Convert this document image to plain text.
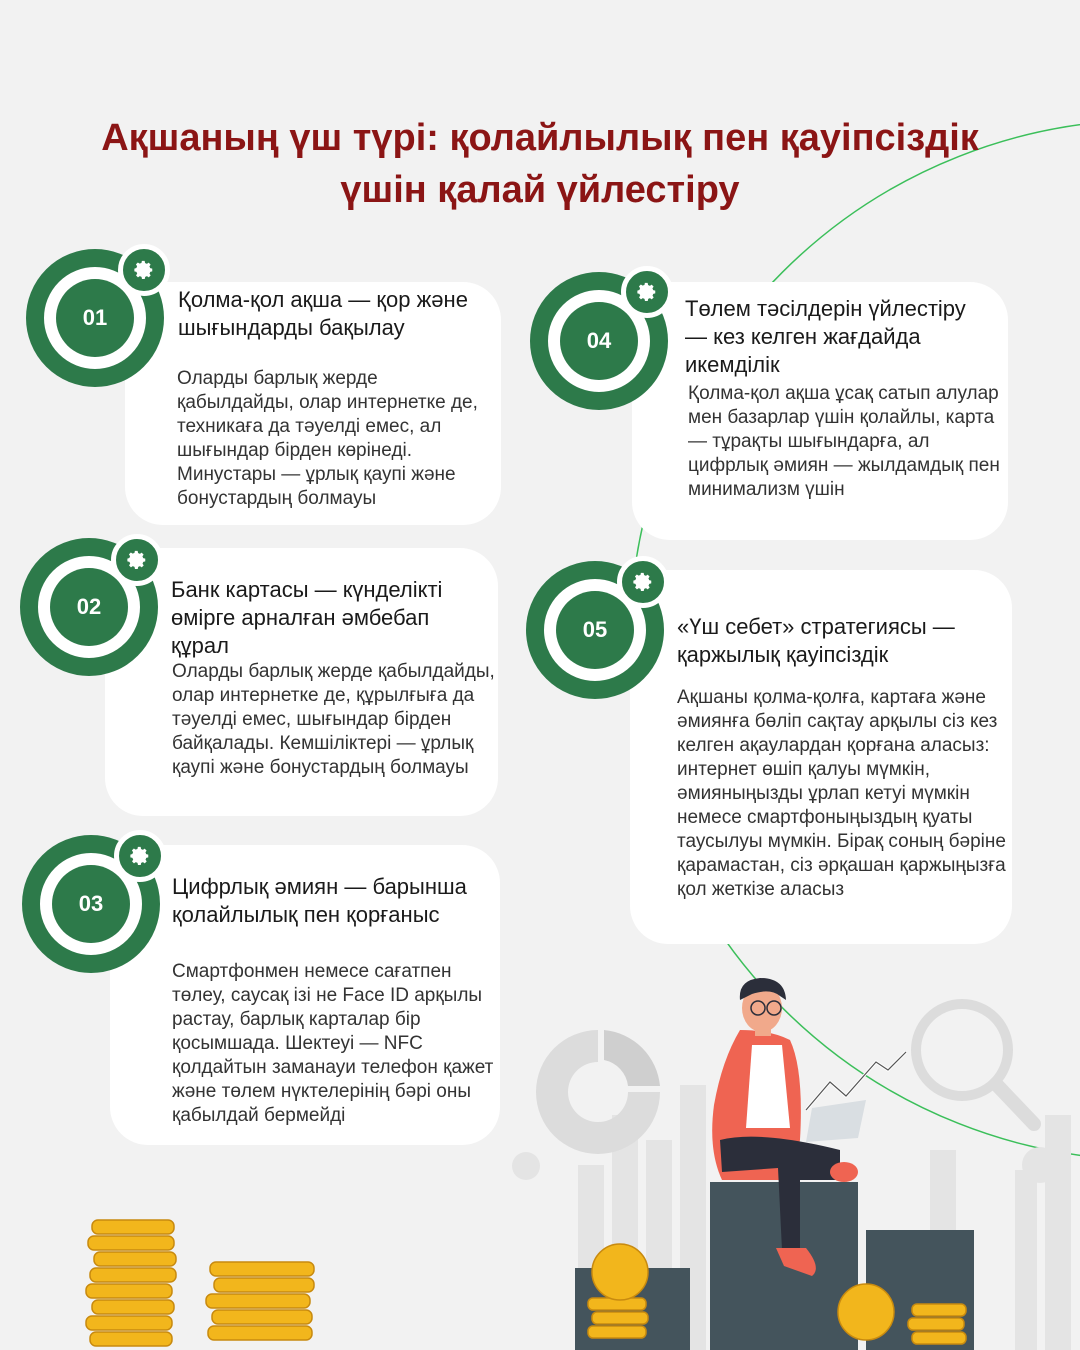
Ақшаның үш түрі: қолайлылық пен қауіпсіздік үшін қалай үйлестіру
01
02
03
04
05
Қолма-қол ақша — қор және шығындарды бақылау

Оларды барлық жерде қабылдайды, олар интернетке де, техникаға да тәуелді емес, ал шығындар бірден көрінеді. Минустары — ұрлық қаупі және бонустардың болмауы

Банк картасы — күнделікті өмірге арналған әмбебап құрал

Оларды барлық жерде қабылдайды, олар интернетке де, құрылғыға да тәуелді емес, шығындар бірден байқалады. Кемшіліктері — ұрлық қаупі және бонустардың болмауы

Цифрлық әмиян — барынша қолайлылық пен қорғаныс

Смартфонмен немесе сағатпен төлеу, саусақ ізі не Face ID арқылы растау, барлық карталар бір қосымшада. Шектеуі — NFC қолдайтын заманауи телефон қажет және төлем нүктелерінің бәрі оны қабылдай бермейді

Төлем тәсілдерін үйлестіру — кез келген жағдайда икемділік

Қолма-қол ақша ұсақ сатып алулар мен базарлар үшін қолайлы, карта — тұрақты шығындарға, ал цифрлық әмиян — жылдамдық пен минимализм үшін

«Үш себет» стратегиясы — қаржылық қауіпсіздік

Ақшаны қолма-қолға, картаға және әмиянға бөліп сақтау арқылы сіз кез келген ақаулардан қорғана аласыз: интернет өшіп қалуы мүмкін, әмияныңызды ұрлап кетуі мүмкін немесе смартфоныңыздың қуаты таусылуы мүмкін. Бірақ соның бәріне қарамастан, сіз әрқашан қаржыңызға қол жеткізе аласыз
